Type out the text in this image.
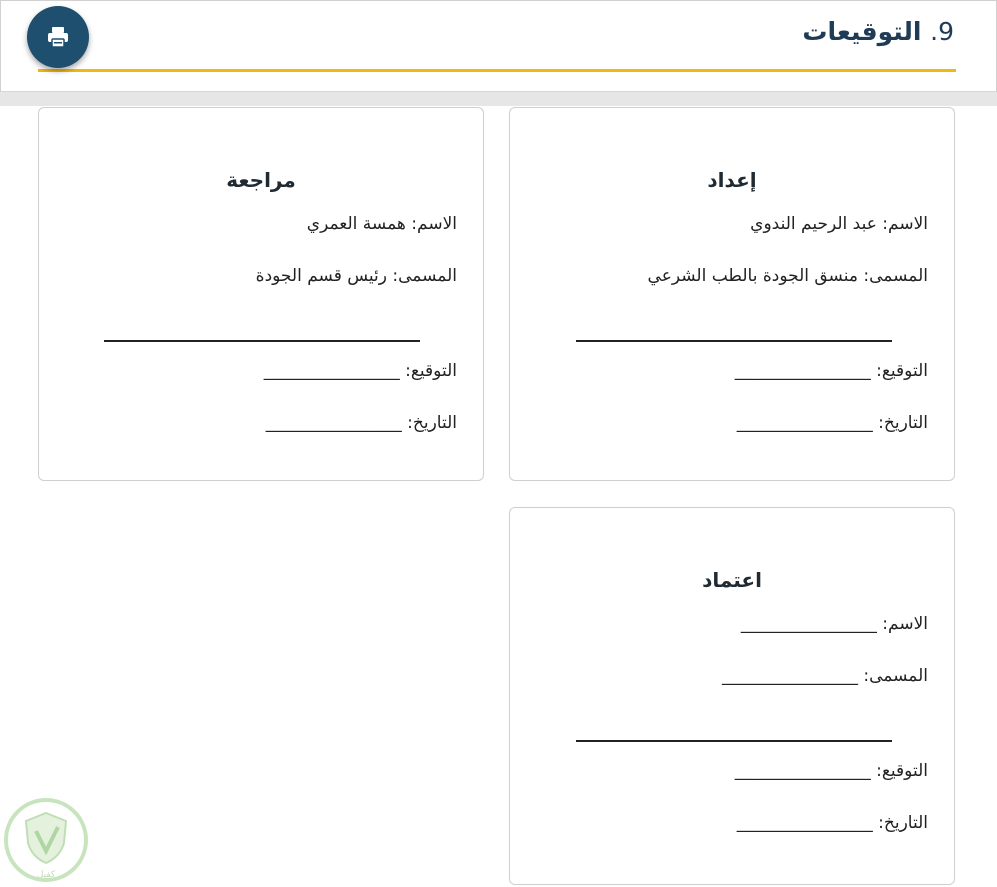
9. التوقيعات
إعداد
الاسم: عبد الرحيم الندوي
المسمى: منسق الجودة بالطب الشرعي
التوقيع: ________________
التاريخ: ________________
مراجعة
الاسم: همسة العمري
المسمى: رئيس قسم الجودة
التوقيع: ________________
التاريخ: ________________
اعتماد
الاسم: ________________
المسمى: ________________
التوقيع: ________________
التاريخ: ________________
كفيل
